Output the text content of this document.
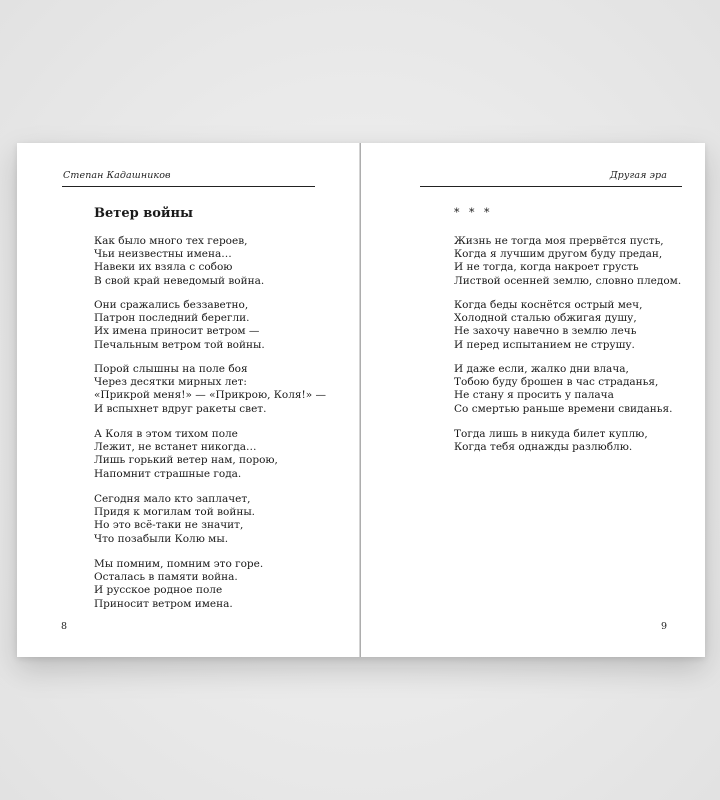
Степан Кадашников
Ветер войны
Как было много тех героев,
Чьи неизвестны имена…
Навеки их взяла с собою
В свой край неведомый война.
Они сражались беззаветно,
Патрон последний берегли.
Их имена приносит ветром —
Печальным ветром той войны.
Порой слышны на поле боя
Через десятки мирных лет:
«Прикрой меня!» — «Прикрою, Коля!» —
И вспыхнет вдруг ракеты свет.
А Коля в этом тихом поле
Лежит, не встанет никогда…
Лишь горький ветер нам, порою,
Напомнит страшные года.
Сегодня мало кто заплачет,
Придя к могилам той войны.
Но это всё-таки не значит,
Что позабыли Колю мы.
Мы помним, помним это горе.
Осталась в памяти война.
И русское родное поле
Приносит ветром имена.
8
Другая эра
* * *
Жизнь не тогда моя прервётся пусть,
Когда я лучшим другом буду предан,
И не тогда, когда накроет грусть
Листвой осенней землю, словно пледом.
Когда беды коснётся острый меч,
Холодной сталью обжигая душу,
Не захочу навечно в землю лечь
И перед испытанием не струшу.
И даже если, жалко дни влача,
Тобою буду брошен в час страданья,
Не стану я просить у палача
Со смертью раньше времени свиданья.
Тогда лишь в никуда билет куплю,
Когда тебя однажды разлюблю.
9
